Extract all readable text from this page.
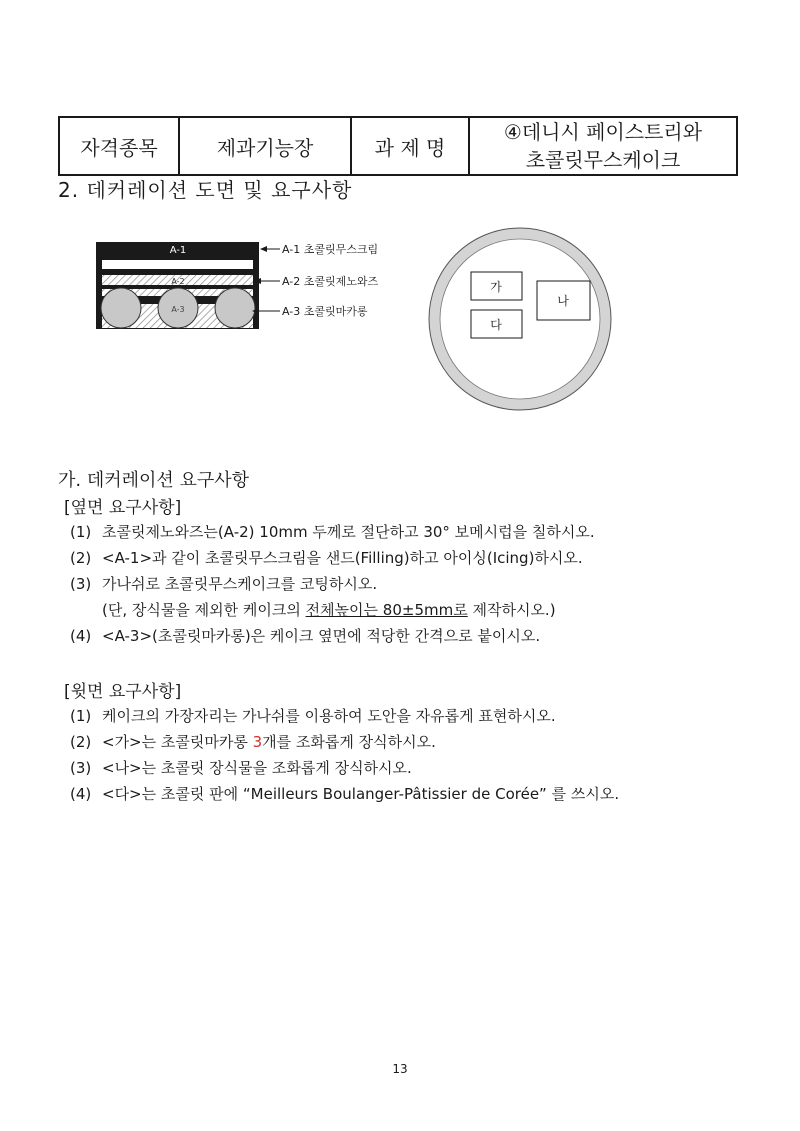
자격종목	제과기능장	과 제 명	
④데니시 페이스트리와
초콜릿무스케이크
2. 데커레이션 도면 및 요구사항
A-1
A-2
A-3
A-1 초콜릿무스크림
A-2 초콜릿제노와즈
A-3 초콜릿마카롱
가
나
다
가. 데커레이션 요구사항
[옆면 요구사항]
(1) 초콜릿제노와즈는(A-2) 10mm 두께로 절단하고 30° 보메시럽을 칠하시오.
(2) <A-1>과 같이 초콜릿무스크림을 샌드(Filling)하고 아이싱(Icing)하시오.
(3) 가나쉬로 초콜릿무스케이크를 코팅하시오.
(단, 장식물을 제외한 케이크의 전체높이는 80±5mm로 제작하시오.)
(4) <A-3>(초콜릿마카롱)은 케이크 옆면에 적당한 간격으로 붙이시오.
[윗면 요구사항]
(1) 케이크의 가장자리는 가나쉬를 이용하여 도안을 자유롭게 표현하시오.
(2) <가>는 초콜릿마카롱 3개를 조화롭게 장식하시오.
(3) <나>는 초콜릿 장식물을 조화롭게 장식하시오.
(4) <다>는 초콜릿 판에 “Meilleurs Boulanger-Pâtissier de Corée” 를 쓰시오.
13
